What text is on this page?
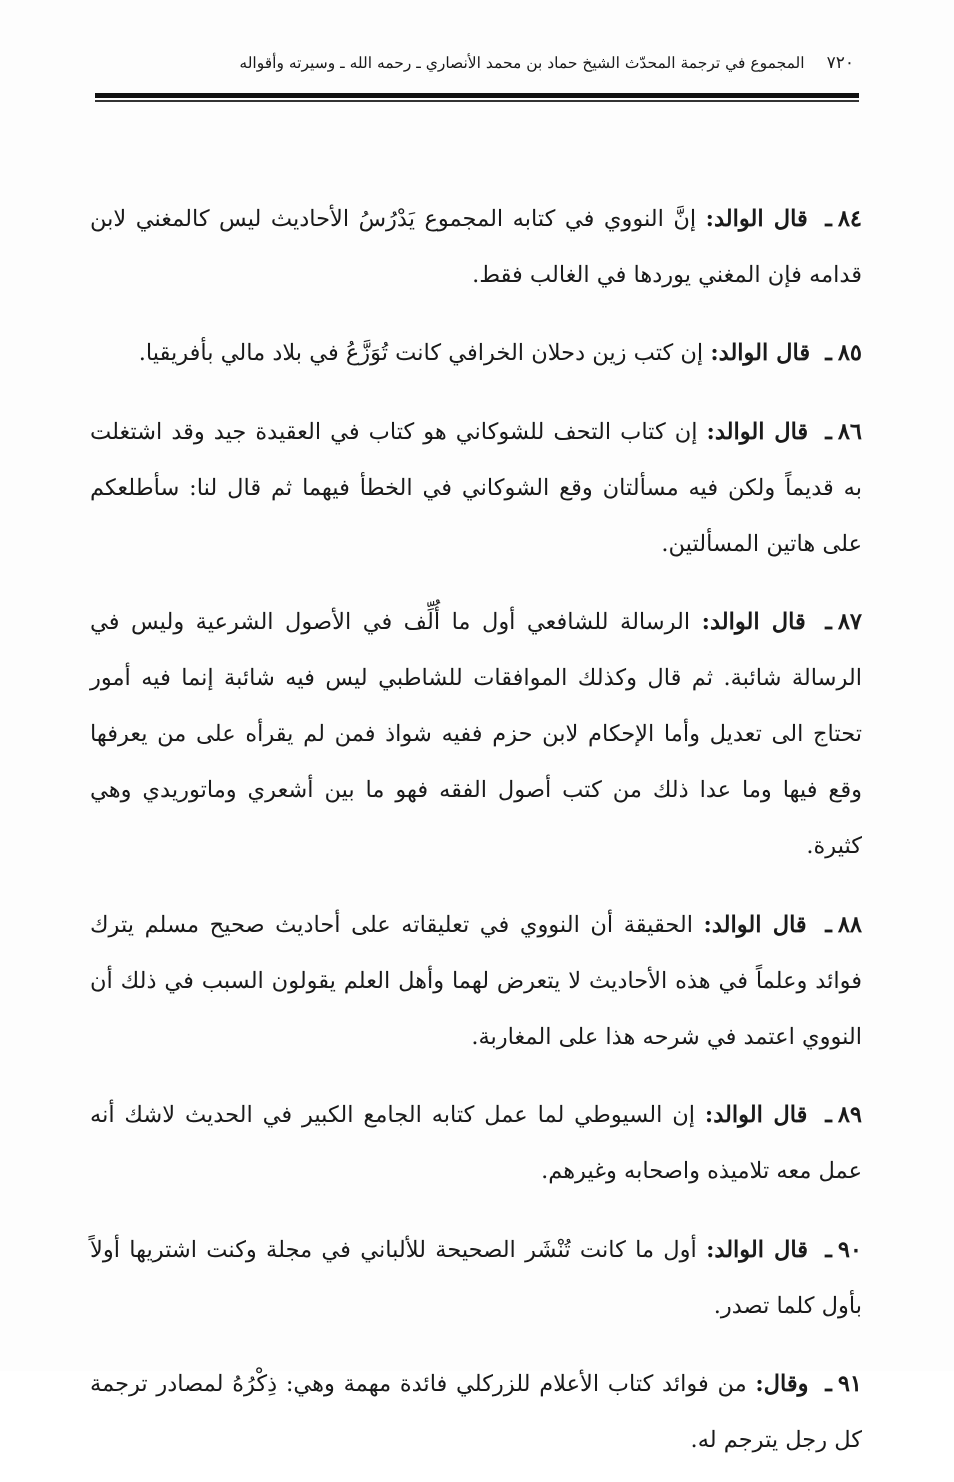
٧٢٠
المجموع في ترجمة المحدّث الشيخ حماد بن محمد الأنصاري ـ رحمه الله ـ وسيرته وأقواله

٨٤ـ قال الوالد: إنَّ النووي في كتابه المجموع يَدْرُسُ الأحاديث ليس كالمغني لابن قدامه فإن المغني يوردها في الغالب فقط.

٨٥ـ قال الوالد: إن كتب زين دحلان الخرافي كانت تُوَزَّعُ في بلاد مالي بأفريقيا.

٨٦ـ قال الوالد: إن كتاب التحف للشوكاني هو كتاب في العقيدة جيد وقد اشتغلت به قديماً ولكن فيه مسألتان وقع الشوكاني في الخطأ فيهما ثم قال لنا: سأطلعكم على هاتين المسألتين.

٨٧ـ قال الوالد: الرسالة للشافعي أول ما أُلِّف في الأصول الشرعية وليس في الرسالة شائبة. ثم قال وكذلك الموافقات للشاطبي ليس فيه شائبة إنما فيه أمور تحتاج الى تعديل وأما الإحكام لابن حزم ففيه شواذ فمن لم يقرأه على من يعرفها وقع فيها وما عدا ذلك من كتب أصول الفقه فهو ما بين أشعري وماتوريدي وهي كثيرة.

٨٨ـ قال الوالد: الحقيقة أن النووي في تعليقاته على أحاديث صحيح مسلم يترك فوائد وعلماً في هذه الأحاديث لا يتعرض لهما وأهل العلم يقولون السبب في ذلك أن النووي اعتمد في شرحه هذا على المغاربة.

٨٩ـ قال الوالد: إن السيوطي لما عمل كتابه الجامع الكبير في الحديث لاشك أنه عمل معه تلاميذه واصحابه وغيرهم.

٩٠ـ قال الوالد: أول ما كانت تُنْشَر الصحيحة للألباني في مجلة وكنت اشتريها أولاً بأول كلما تصدر.

٩١ـ وقال: من فوائد كتاب الأعلام للزركلي فائدة مهمة وهي: ذِكْرُهُ لمصادر ترجمة كل رجل يترجم له.
